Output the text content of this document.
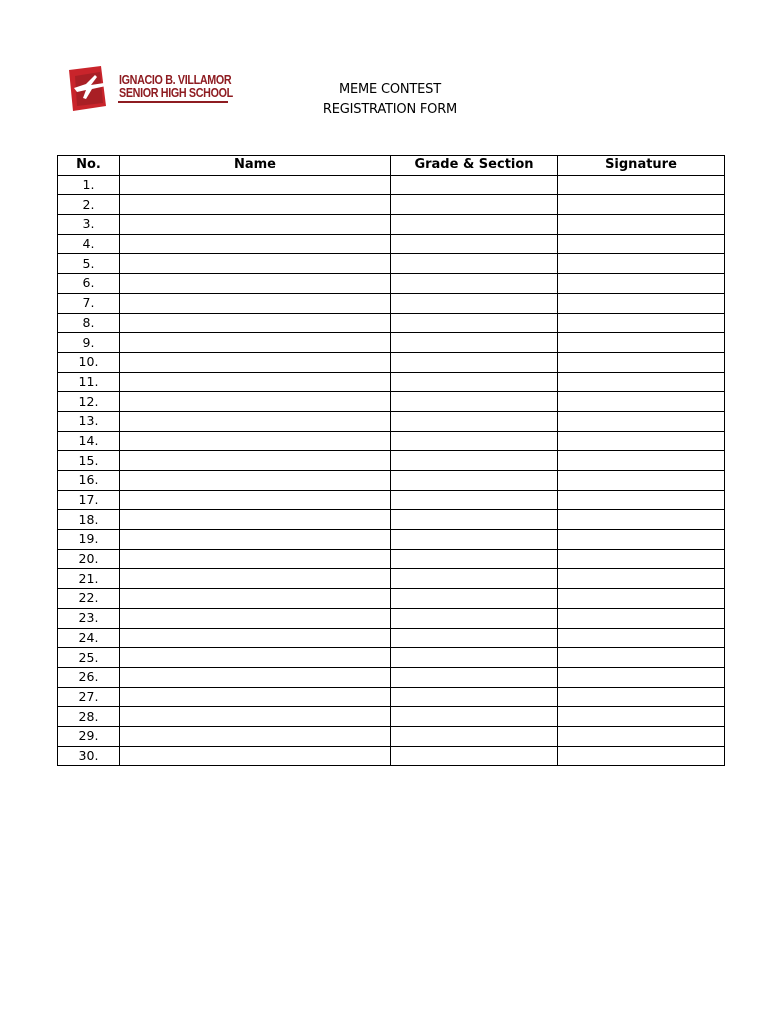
IGNACIO B. VILLAMOR
SENIOR HIGH SCHOOL	MEME CONTEST
REGISTRATION FORM
No.	Name	Grade & Section	Signature
1.			
2.			
3.			
4.			
5.			
6.			
7.			
8.			
9.			
10.			
11.			
12.			
13.			
14.			
15.			
16.			
17.			
18.			
19.			
20.			
21.			
22.			
23.			
24.			
25.			
26.			
27.			
28.			
29.			
30.			
